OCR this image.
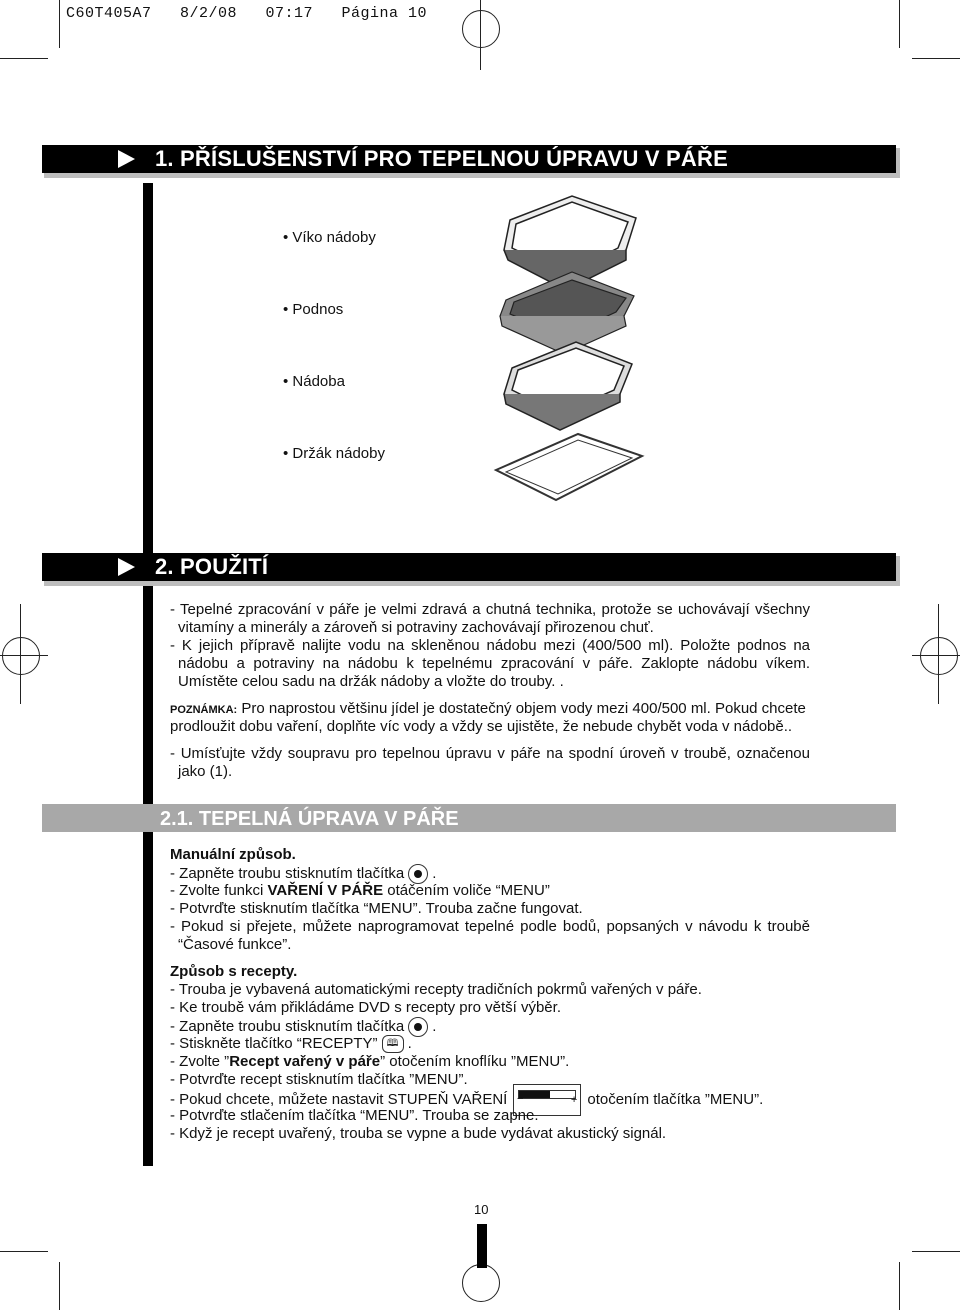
C60T405A7   8/2/08   07:17   Página 10
1. PŘÍSLUŠENSTVÍ PRO TEPELNOU ÚPRAVU V PÁŘE
• Víko nádoby
• Podnos
• Nádoba
• Držák nádoby
2. POUŽITÍ
- Tepelné zpracování v páře je velmi zdravá a chutná technika, protože se uchovávají všechny
vitamíny a minerály a zároveň si potraviny zachovávají přirozenou chuť.
- K jejich přípravě nalijte vodu na skleněnou nádobu mezi (400/500 ml). Položte podnos na
nádobu a potraviny na nádobu k tepelnému zpracování v páře. Zaklopte nádobu víkem.
Umístěte celou sadu na držák nádoby a vložte do trouby. .
POZNÁMKA: Pro naprostou většinu jídel je dostatečný objem vody mezi 400/500 ml. Pokud chcete
prodloužit dobu vaření, doplňte víc vody a vždy se ujistěte, že nebude chybět voda v nádobě..
- Umísťujte vždy soupravu pro tepelnou úpravu v páře na spodní úroveň v troubě, označenou
jako (1).
2.1. TEPELNÁ ÚPRAVA V PÁŘE
Manuální způsob.
- Zapněte troubu stisknutím tlačítka .
- Zvolte funkci VAŘENÍ V PÁŘE otáčením voliče “MENU”
- Potvrďte stisknutím tlačítka “MENU”. Trouba začne fungovat.
- Pokud si přejete, můžete naprogramovat tepelné podle bodů, popsaných v návodu k troubě
“Časové funkce”.
Způsob s recepty.
- Trouba je vybavená automatickými recepty tradičních pokrmů vařených v páře.
- Ke troubě vám přikládáme DVD s recepty pro větší výběr.
- Zapněte troubu stisknutím tlačítka .
- Stiskněte tlačítko “RECEPTY” 🕮 .
- Zvolte ”Recept vařený v páře” otočením knoflíku ”MENU”.
- Potvrďte recept stisknutím tlačítka ”MENU”.
- Pokud chcete, můžete nastavit STUPEŇ VAŘENÍ –	+ otočením tlačítka ”MENU”.
- Potvrďte stlačením tlačítka “MENU”. Trouba se zapne.
- Když je recept uvařený, trouba se vypne a bude vydávat akustický signál.
10
